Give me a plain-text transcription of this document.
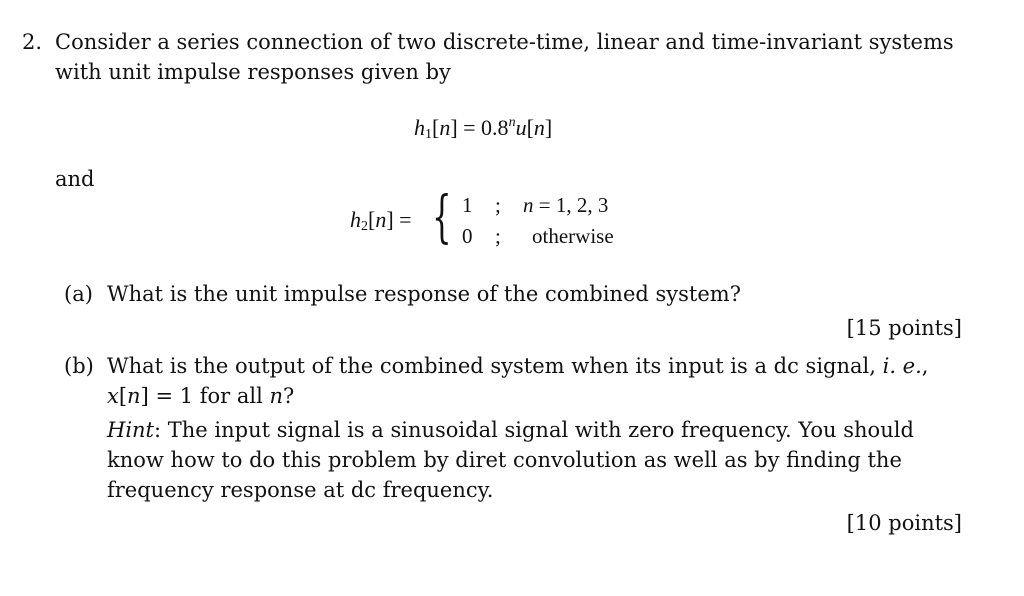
2. Consider a series connection of two discrete-time, linear and time-invariant systems
with unit impulse responses given by
$h_1[n] = 0.8^nu[n]$
and
$h_2[n]$ = { 1 ; n = 1, 2, 3
0 ; otherwise
(a) What is the unit impulse response of the combined system?
[15 points]
(b) What is the output of the combined system when its input is a dc signal, i. e.,
x[n] = 1 for all n?
Hint: The input signal is a sinusoidal signal with zero frequency. You should
know how to do this problem by diret convolution as well as by finding the
frequency response at dc frequency.
[10 points]
